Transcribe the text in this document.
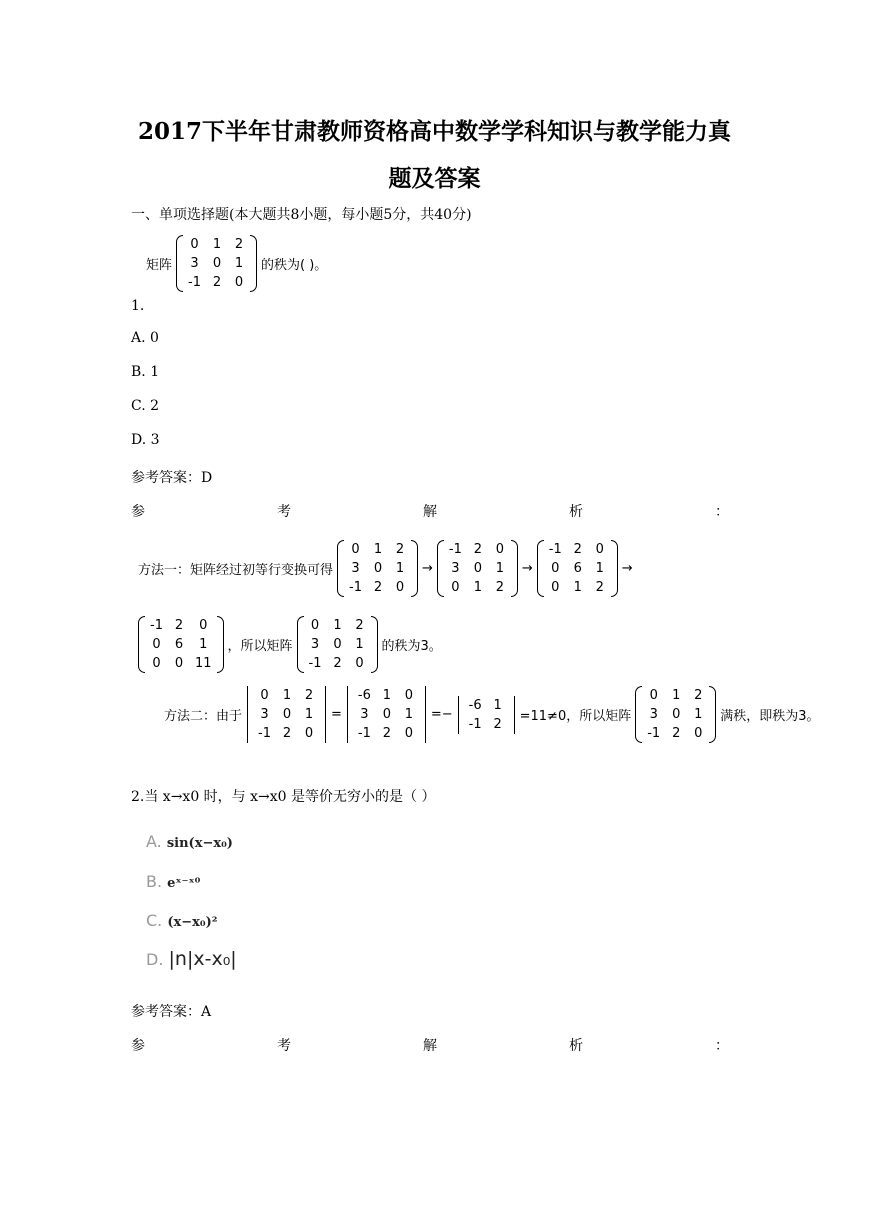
2017下半年甘肃教师资格高中数学学科知识与教学能力真
题及答案
一、单项选择题(本大题共8小题，每小题5分，共40分)
矩阵
0	1	2
3	0	1
-1	2	0
的秩为( )。
1.
A. 0
B. 1
C. 2
D. 3
参考答案：D
参	考	解	析	：
方法一：矩阵经过初等行变换可得
0	1	2
3	0	1
-1	2	0
→
-1	2	0
3	0	1
0	1	2
→
-1	2	0
0	6	1
0	1	2
→
-1	2	0
0	6	1
0	0	11
，所以矩阵
0	1	2
3	0	1
-1	2	0
的秩为3。
方法二：由于
0	1	2
3	0	1
-1	2	0
=
-6	1	0
3	0	1
-1	2	0
=−
-6	1
-1	2 =11≠0，所以矩阵
0	1	2
3	0	1
-1	2	0
满秩，即秩为3。
2.当 x→x0 时，与 x→x0 是等价无穷小的是（ ）
A. sin(x−x₀)
B. eˣ⁻ˣ⁰
C. (x−x₀)²
D. |n|x-x₀|
参考答案：A
参	考	解	析	：
